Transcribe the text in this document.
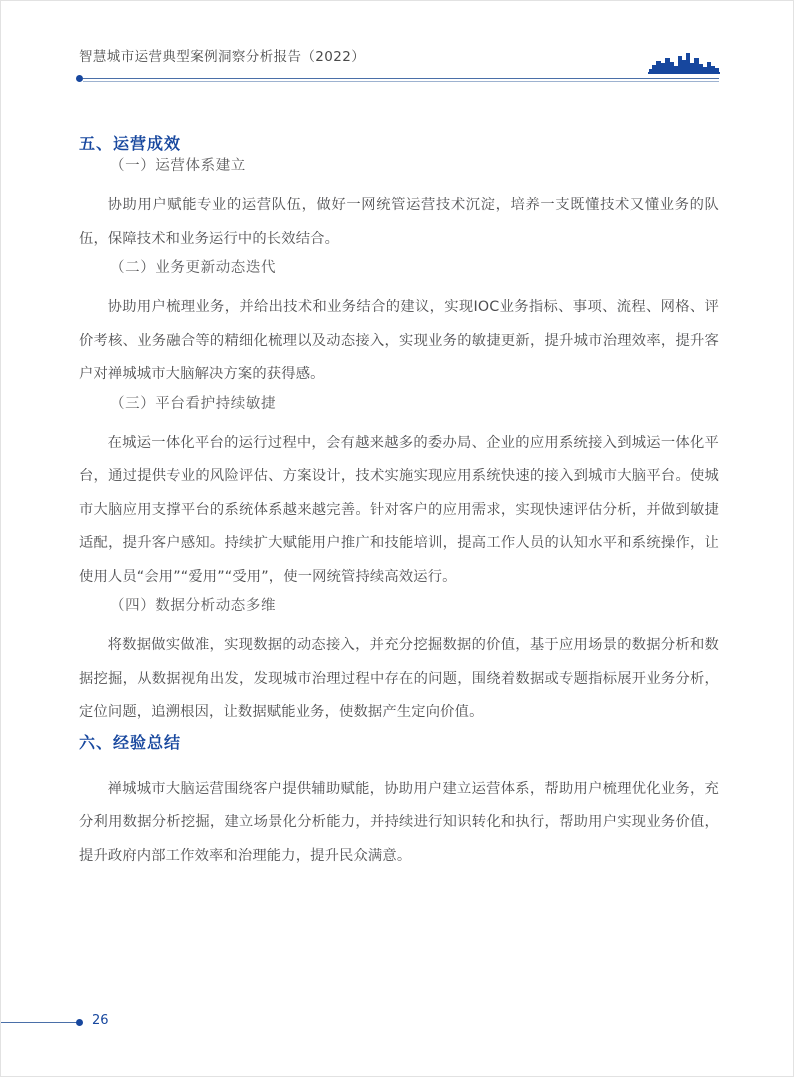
智慧城市运营典型案例洞察分析报告（2022）
五、运营成效
（一）运营体系建立

协助用户赋能专业的运营队伍，做好一网统管运营技术沉淀，培养一支既懂技术又懂业务的队伍，保障技术和业务运行中的长效结合。

（二）业务更新动态迭代

协助用户梳理业务，并给出技术和业务结合的建议，实现IOC业务指标、事项、流程、网格、评价考核、业务融合等的精细化梳理以及动态接入，实现业务的敏捷更新，提升城市治理效率，提升客户对禅城城市大脑解决方案的获得感。

（三）平台看护持续敏捷

在城运一体化平台的运行过程中，会有越来越多的委办局、企业的应用系统接入到城运一体化平台，通过提供专业的风险评估、方案设计，技术实施实现应用系统快速的接入到城市大脑平台。使城市大脑应用支撑平台的系统体系越来越完善。针对客户的应用需求，实现快速评估分析，并做到敏捷适配，提升客户感知。持续扩大赋能用户推广和技能培训，提高工作人员的认知水平和系统操作，让使用人员“会用”“爱用”“受用”，使一网统管持续高效运行。

（四）数据分析动态多维

将数据做实做准，实现数据的动态接入，并充分挖掘数据的价值，基于应用场景的数据分析和数据挖掘，从数据视角出发，发现城市治理过程中存在的问题，围绕着数据或专题指标展开业务分析，定位问题，追溯根因，让数据赋能业务，使数据产生定向价值。

六、经验总结

禅城城市大脑运营围绕客户提供辅助赋能，协助用户建立运营体系，帮助用户梳理优化业务，充分利用数据分析挖掘，建立场景化分析能力，并持续进行知识转化和执行，帮助用户实现业务价值，提升政府内部工作效率和治理能力，提升民众满意。

26
